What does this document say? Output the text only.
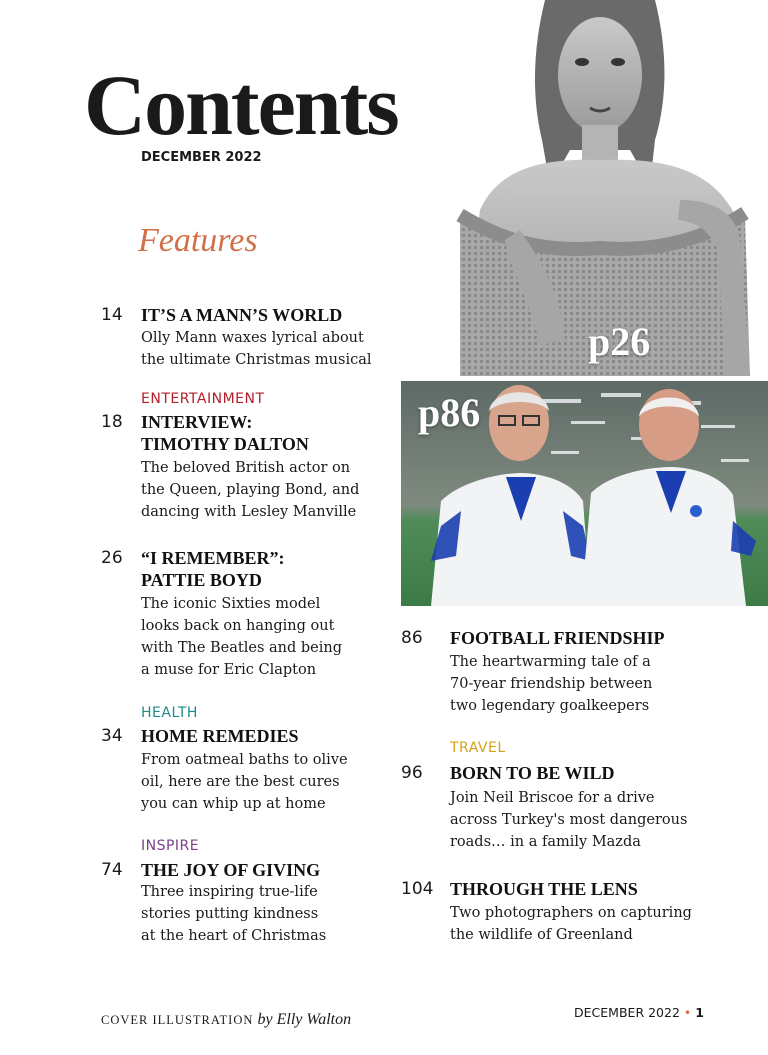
Contents
DECEMBER 2022
Features
p26
p86
14 IT’S A MANN’S WORLD
Olly Mann waxes lyrical about
the ultimate Christmas musical
ENTERTAINMENT
18 INTERVIEW:
TIMOTHY DALTON
The beloved British actor on
the Queen, playing Bond, and
dancing with Lesley Manville
26 “I REMEMBER”:
PATTIE BOYD
The iconic Sixties model
looks back on hanging out
with The Beatles and being
a muse for Eric Clapton
HEALTH
34 HOME REMEDIES
From oatmeal baths to olive
oil, here are the best cures
you can whip up at home
INSPIRE
74 THE JOY OF GIVING
Three inspiring true-life
stories putting kindness
at the heart of Christmas
86 FOOTBALL FRIENDSHIP
The heartwarming tale of a
70-year friendship between
two legendary goalkeepers
TRAVEL
96 BORN TO BE WILD
Join Neil Briscoe for a drive
across Turkey's most dangerous
roads… in a family Mazda
104 THROUGH THE LENS
Two photographers on capturing
the wildlife of Greenland
COVER ILLUSTRATION by Elly Walton	DECEMBER 2022 • 1
